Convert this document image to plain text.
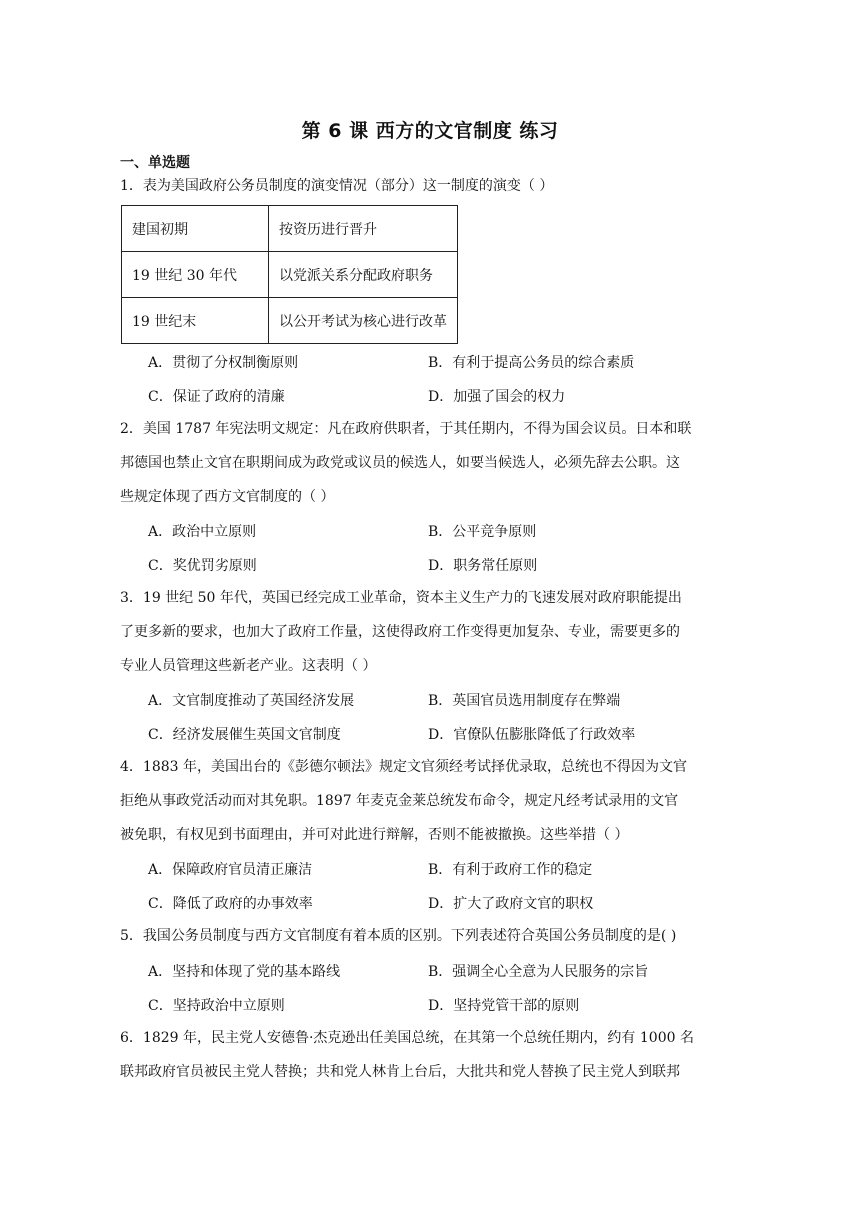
第 6 课 西方的文官制度 练习
一、单选题
1．表为美国政府公务员制度的演变情况（部分）这一制度的演变（ ）
建国初期	按资历进行晋升
19 世纪 30 年代	以党派关系分配政府职务
19 世纪末	以公开考试为核心进行改革
A．贯彻了分权制衡原则	B．有利于提高公务员的综合素质
C．保证了政府的清廉	D．加强了国会的权力
2．美国 1787 年宪法明文规定：凡在政府供职者，于其任期内，不得为国会议员。日本和联
邦德国也禁止文官在职期间成为政党或议员的候选人，如要当候选人，必须先辞去公职。这
些规定体现了西方文官制度的（ ）
A．政治中立原则	B．公平竞争原则
C．奖优罚劣原则	D．职务常任原则
3．19 世纪 50 年代，英国已经完成工业革命，资本主义生产力的飞速发展对政府职能提出
了更多新的要求，也加大了政府工作量，这使得政府工作变得更加复杂、专业，需要更多的
专业人员管理这些新老产业。这表明（ ）
A．文官制度推动了英国经济发展	B．英国官员选用制度存在弊端
C．经济发展催生英国文官制度	D．官僚队伍膨胀降低了行政效率
4．1883 年，美国出台的《彭德尔顿法》规定文官须经考试择优录取，总统也不得因为文官
拒绝从事政党活动而对其免职。1897 年麦克金莱总统发布命令，规定凡经考试录用的文官
被免职，有权见到书面理由，并可对此进行辩解，否则不能被撤换。这些举措（ ）
A．保障政府官员清正廉洁	B．有利于政府工作的稳定
C．降低了政府的办事效率	D．扩大了政府文官的职权
5．我国公务员制度与西方文官制度有着本质的区别。下列表述符合英国公务员制度的是( )
A．坚持和体现了党的基本路线	B．强调全心全意为人民服务的宗旨
C．坚持政治中立原则	D．坚持党管干部的原则
6．1829 年，民主党人安德鲁·杰克逊出任美国总统，在其第一个总统任期内，约有 1000 名
联邦政府官员被民主党人替换；共和党人林肯上台后，大批共和党人替换了民主党人到联邦
